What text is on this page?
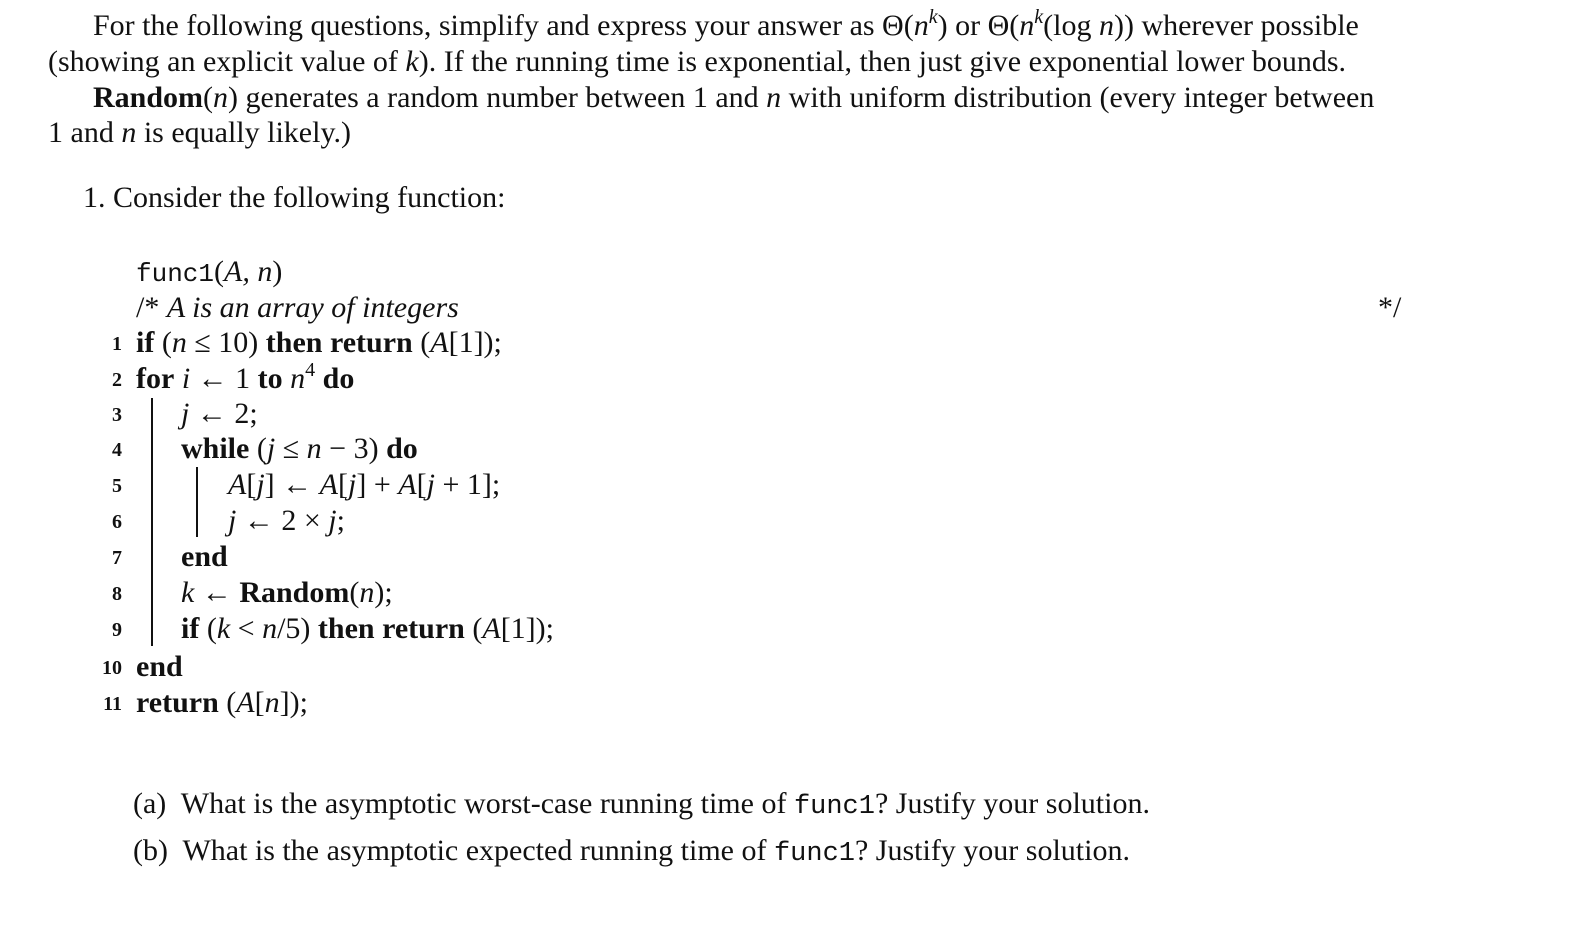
For the following questions, simplify and express your answer as $\Theta(n^k)$ or $\Theta(n^k(\log$ n)) wherever possible
(showing an explicit value of k). If the running time is exponential, then just give exponential lower bounds.
Random(n) generates a random number between 1 and n with uniform distribution (every integer between
1 and n is equally likely.)
1. Consider the following function:
func1(A, n)
/* A is an array of integers	*/
1 if (n ≤ 10) then return (A[1]);
2 for i ← 1 to $n^4$ do
3 j ← 2;
4 while (j ≤ n − 3) do
5	A[j] ← A[j] + A[j + 1];
6	j ← 2 × j;
7 end
8 k ← Random(n);
9 if (k < n/5) then return (A[1]);
10 end
11 return (A[n]);
(a) What is the asymptotic worst-case running time of func1? Justify your solution.
(b) What is the asymptotic expected running time of func1? Justify your solution.
